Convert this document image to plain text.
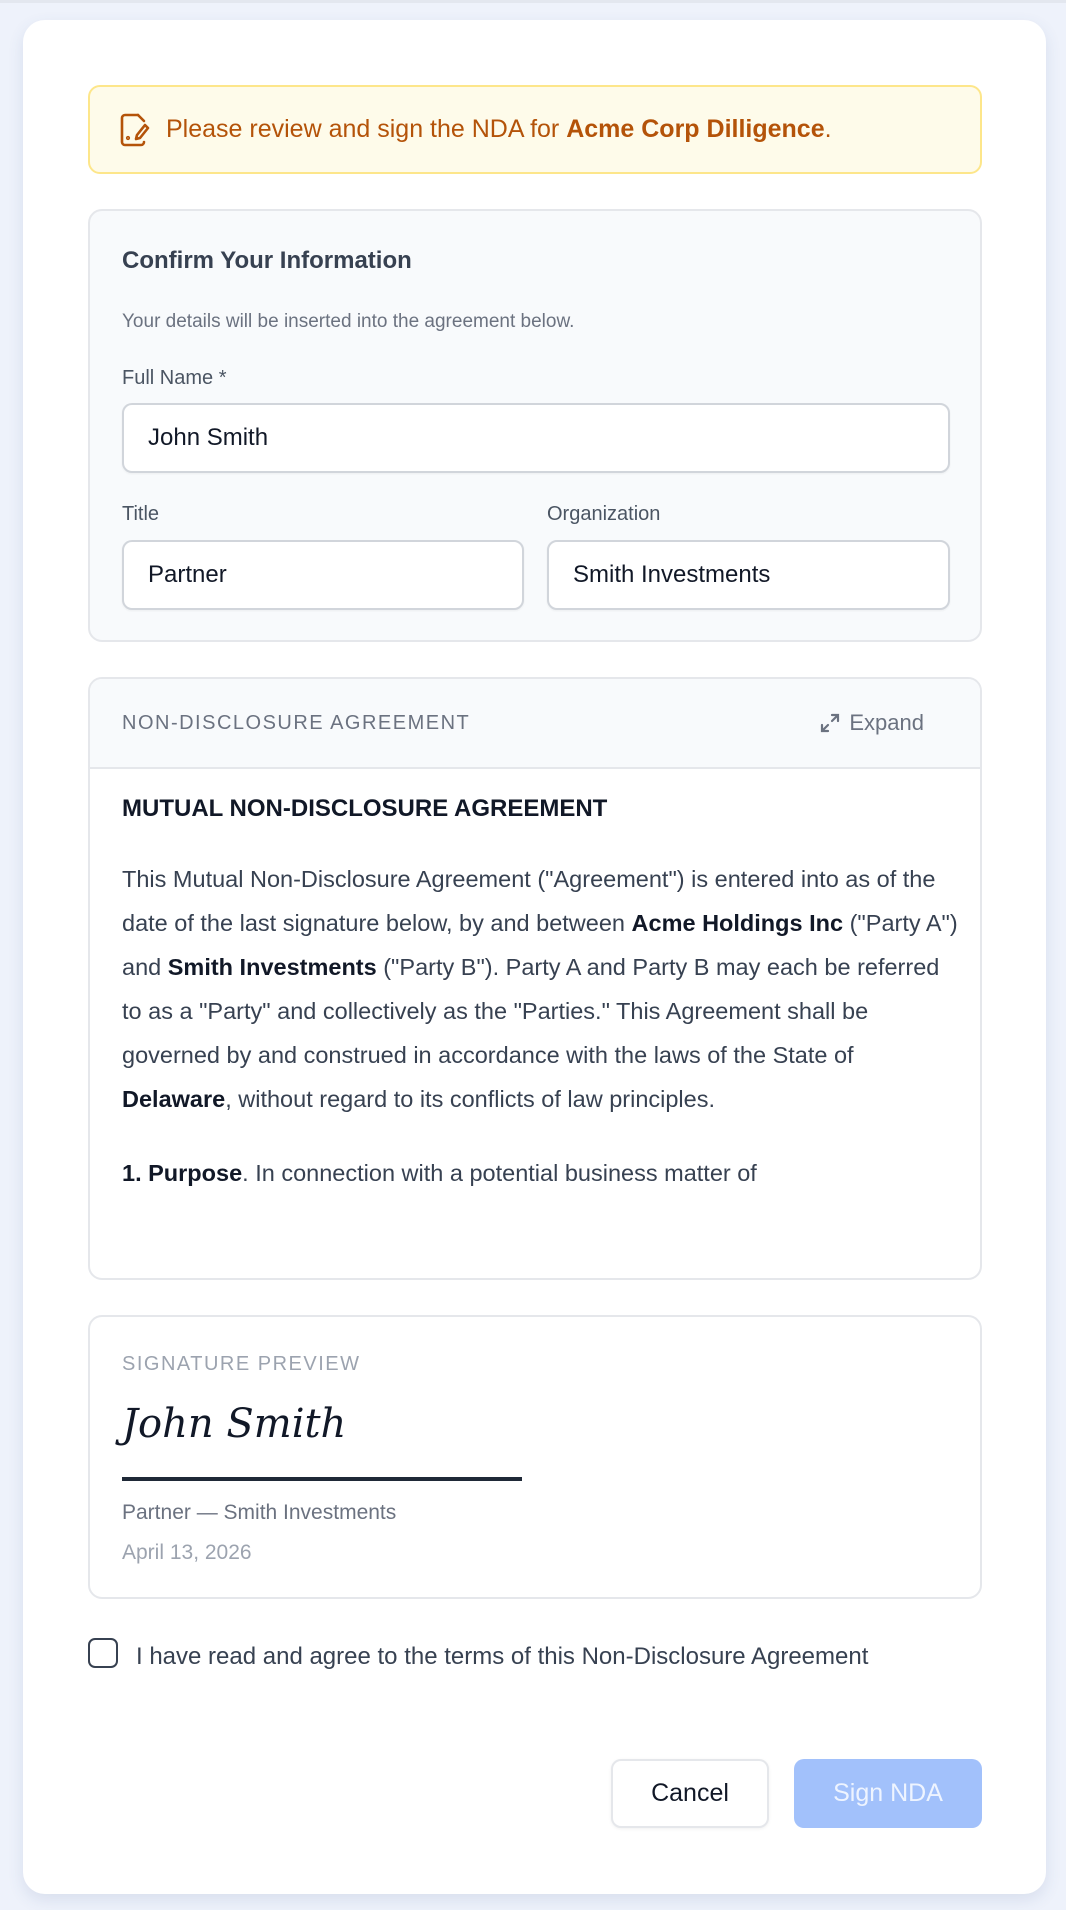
Please review and sign the NDA for Acme Corp Dilligence.
Confirm Your Information
Your details will be inserted into the agreement below.
Full Name *
John Smith
Title
Partner
Organization
Smith Investments
NON-DISCLOSURE AGREEMENT	Expand
MUTUAL NON-DISCLOSURE AGREEMENT

This Mutual Non-Disclosure Agreement ("Agreement") is entered into as of the date of the last signature below, by and between Acme Holdings Inc ("Party A") and Smith Investments ("Party B"). Party A and Party B may each be referred to as a "Party" and collectively as the "Parties." This Agreement shall be governed by and construed in accordance with the laws of the State of Delaware, without regard to its conflicts of law principles.

1. Purpose. In connection with a potential business matter of

SIGNATURE PREVIEW
John Smith
Partner — Smith Investments
April 13, 2026
I have read and agree to the terms of this Non-Disclosure Agreement
Cancel	Sign NDA
